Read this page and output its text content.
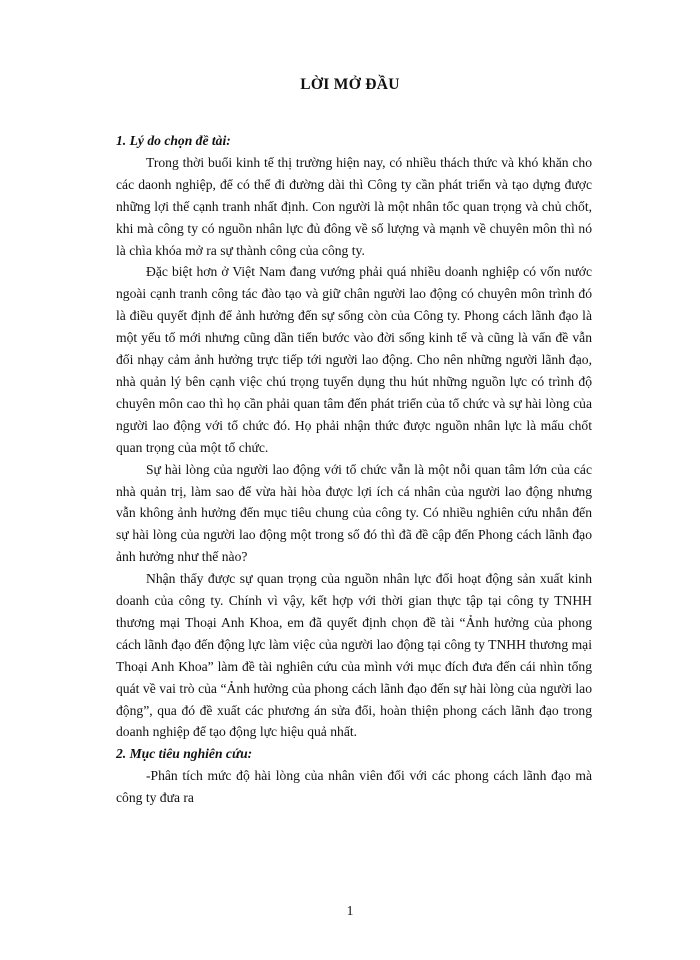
LỜI MỞ ĐẦU

1. Lý do chọn đề tài:

Trong thời buổi kinh tế thị trường hiện nay, có nhiều thách thức và khó khăn cho các daonh nghiệp, để có thể đi đường dài thì Công ty cần phát triển và tạo dựng được những lợi thế cạnh tranh nhất định. Con người là một nhân tốc quan trọng và chủ chốt, khi mà công ty có nguồn nhân lực đủ đông về số lượng và mạnh về chuyên môn thì nó là chìa khóa mở ra sự thành công của công ty.

Đặc biệt hơn ở Việt Nam đang vướng phải quá nhiều doanh nghiệp có vốn nước ngoài cạnh tranh công tác đào tạo và giữ chân người lao động có chuyên môn trình đó là điều quyết định để ảnh hưởng đến sự sống còn của Công ty. Phong cách lãnh đạo là một yếu tố mới nhưng cũng dần tiến bước vào đời sống kinh tế và cũng là vấn đề vẫn đối nhạy cảm ảnh hưởng trực tiếp tới người lao động. Cho nên những người lãnh đạo, nhà quản lý bên cạnh việc chú trọng tuyển dụng thu hút những nguồn lực có trình độ chuyên môn cao thì họ cần phải quan tâm đến phát triển của tổ chức và sự hài lòng của người lao động với tổ chức đó. Họ phải nhận thức được nguồn nhân lực là mấu chốt quan trọng của một tổ chức.

Sự hài lòng của người lao động với tổ chức vẫn là một nỗi quan tâm lớn của các nhà quản trị, làm sao để vừa hài hòa được lợi ích cá nhân của người lao động nhưng vẫn không ảnh hưởng đến mục tiêu chung của công ty. Có nhiều nghiên cứu nhắn đến sự hài lòng của người lao động một trong số đó thì đã đề cập đến Phong cách lãnh đạo ảnh hưởng như thế nào?

Nhận thấy được sự quan trọng của nguồn nhân lực đối hoạt động sản xuất kinh doanh của công ty. Chính vì vậy, kết hợp với thời gian thực tập tại công ty TNHH thương mại Thoại Anh Khoa, em đã quyết định chọn đề tài “Ảnh hưởng của phong cách lãnh đạo đến động lực làm việc của người lao động tại công ty TNHH thương mại Thoại Anh Khoa” làm đề tài nghiên cứu của mình với mục đích đưa đến cái nhìn tổng quát về vai trò của “Ảnh hưởng của phong cách lãnh đạo đến sự hài lòng của người lao động”, qua đó đề xuất các phương án sửa đổi, hoàn thiện phong cách lãnh đạo trong doanh nghiệp để tạo động lực hiệu quả nhất.

2. Mục tiêu nghiên cứu:

-Phân tích mức độ hài lòng của nhân viên đối với các phong cách lãnh đạo mà công ty đưa ra

1
